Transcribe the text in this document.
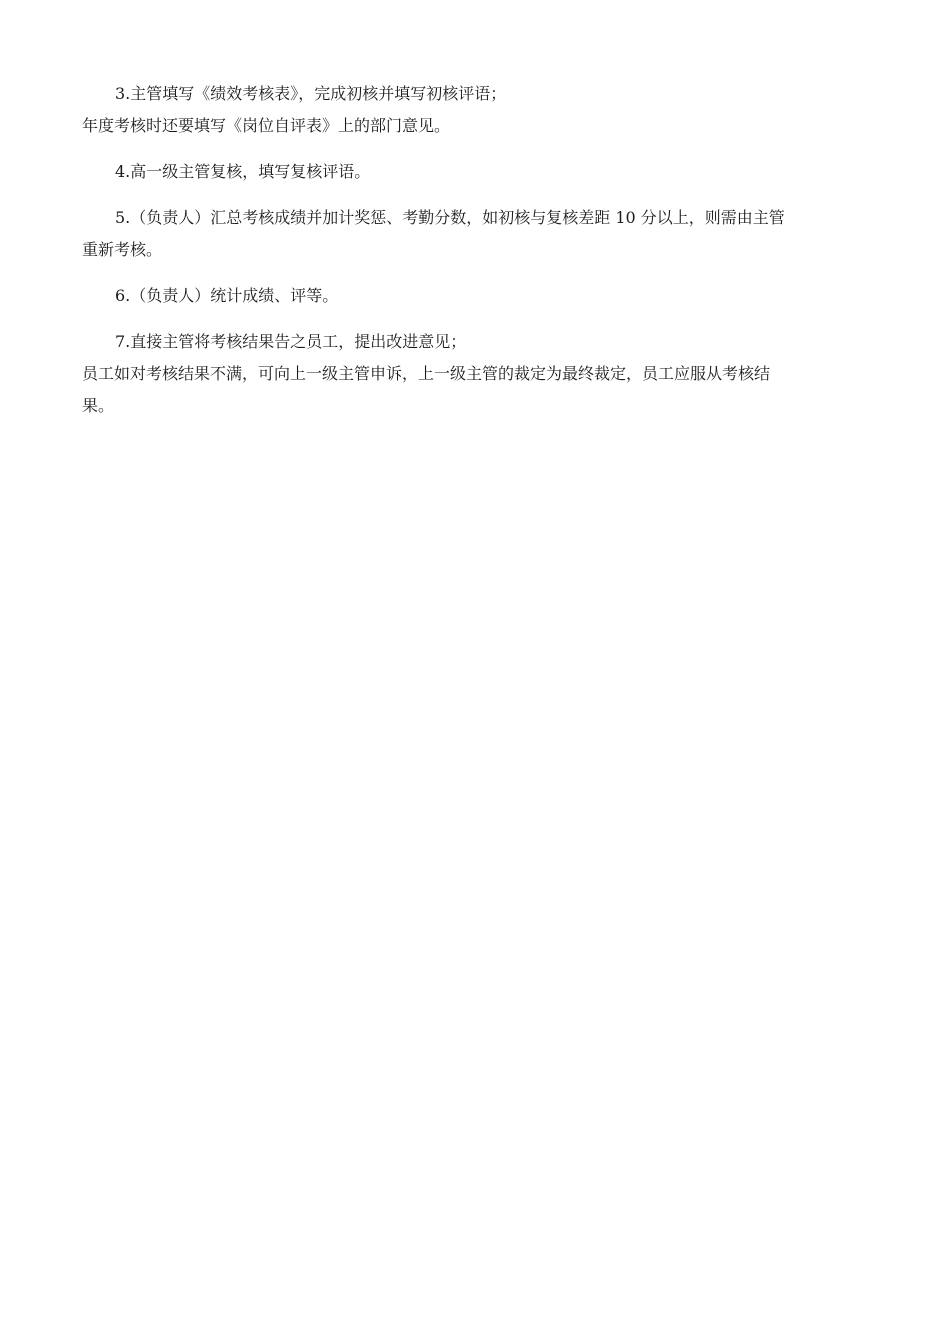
3.主管填写《绩效考核表》，完成初核并填写初核评语；
年度考核时还要填写《岗位自评表》上的部门意见。

4.高一级主管复核，填写复核评语。

5.（负责人）汇总考核成绩并加计奖惩、考勤分数，如初核与复核差距 10 分以上，则需由主管
重新考核。

6.（负责人）统计成绩、评等。

7.直接主管将考核结果告之员工，提出改进意见；
员工如对考核结果不满，可向上一级主管申诉，上一级主管的裁定为最终裁定，员工应服从考核结
果。
